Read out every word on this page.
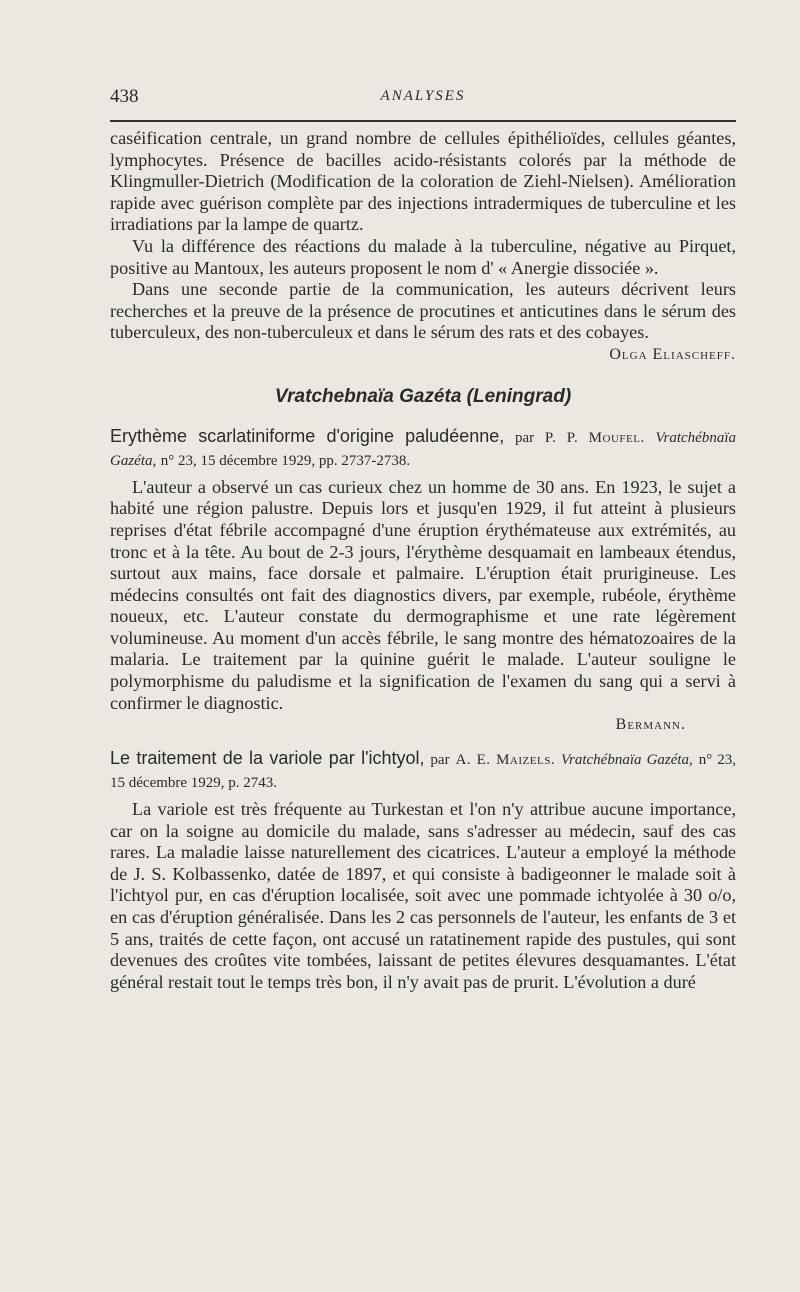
438	ANALYSES

caséification centrale, un grand nombre de cellules épithélioïdes, cellules géantes, lymphocytes. Présence de bacilles acido-résistants colorés par la méthode de Klingmuller-Dietrich (Modification de la coloration de Ziehl-Nielsen). Amélioration rapide avec guérison complète par des injections intradermiques de tuberculine et les irradiations par la lampe de quartz.

Vu la différence des réactions du malade à la tuberculine, négative au Pirquet, positive au Mantoux, les auteurs proposent le nom d' « Anergie dissociée ».

Dans une seconde partie de la communication, les auteurs décrivent leurs recherches et la preuve de la présence de procutines et anticutines dans le sérum des tuberculeux, des non-tuberculeux et dans le sérum des rats et des cobayes.
Olga Eliascheff.

Vratchebnaïa Gazéta (Leningrad)

Erythème scarlatiniforme d'origine paludéenne, par P. P. Moufel. Vratchébnaïa Gazéta, n° 23, 15 décembre 1929, pp. 2737-2738.

L'auteur a observé un cas curieux chez un homme de 30 ans. En 1923, le sujet a habité une région palustre. Depuis lors et jusqu'en 1929, il fut atteint à plusieurs reprises d'état fébrile accompagné d'une éruption érythémateuse aux extrémités, au tronc et à la tête. Au bout de 2-3 jours, l'érythème desquamait en lambeaux étendus, surtout aux mains, face dorsale et palmaire. L'éruption était prurigineuse. Les médecins consultés ont fait des diagnostics divers, par exemple, rubéole, érythème noueux, etc. L'auteur constate du dermographisme et une rate légèrement volumineuse. Au moment d'un accès fébrile, le sang montre des hématozoaires de la malaria. Le traitement par la quinine guérit le malade. L'auteur souligne le polymorphisme du paludisme et la signification de l'examen du sang qui a servi à confirmer le diagnostic.

Bermann.

Le traitement de la variole par l'ichtyol, par A. E. Maizels. Vratchébnaïa Gazéta, n° 23, 15 décembre 1929, p. 2743.

La variole est très fréquente au Turkestan et l'on n'y attribue aucune importance, car on la soigne au domicile du malade, sans s'adresser au médecin, sauf des cas rares. La maladie laisse naturellement des cicatrices. L'auteur a employé la méthode de J. S. Kolbassenko, datée de 1897, et qui consiste à badigeonner le malade soit à l'ichtyol pur, en cas d'éruption localisée, soit avec une pommade ichtyolée à 30 o/o, en cas d'éruption généralisée. Dans les 2 cas personnels de l'auteur, les enfants de 3 et 5 ans, traités de cette façon, ont accusé un ratatinement rapide des pustules, qui sont devenues des croûtes vite tombées, laissant de petites élevures desquamantes. L'état général restait tout le temps très bon, il n'y avait pas de prurit. L'évolution a duré
